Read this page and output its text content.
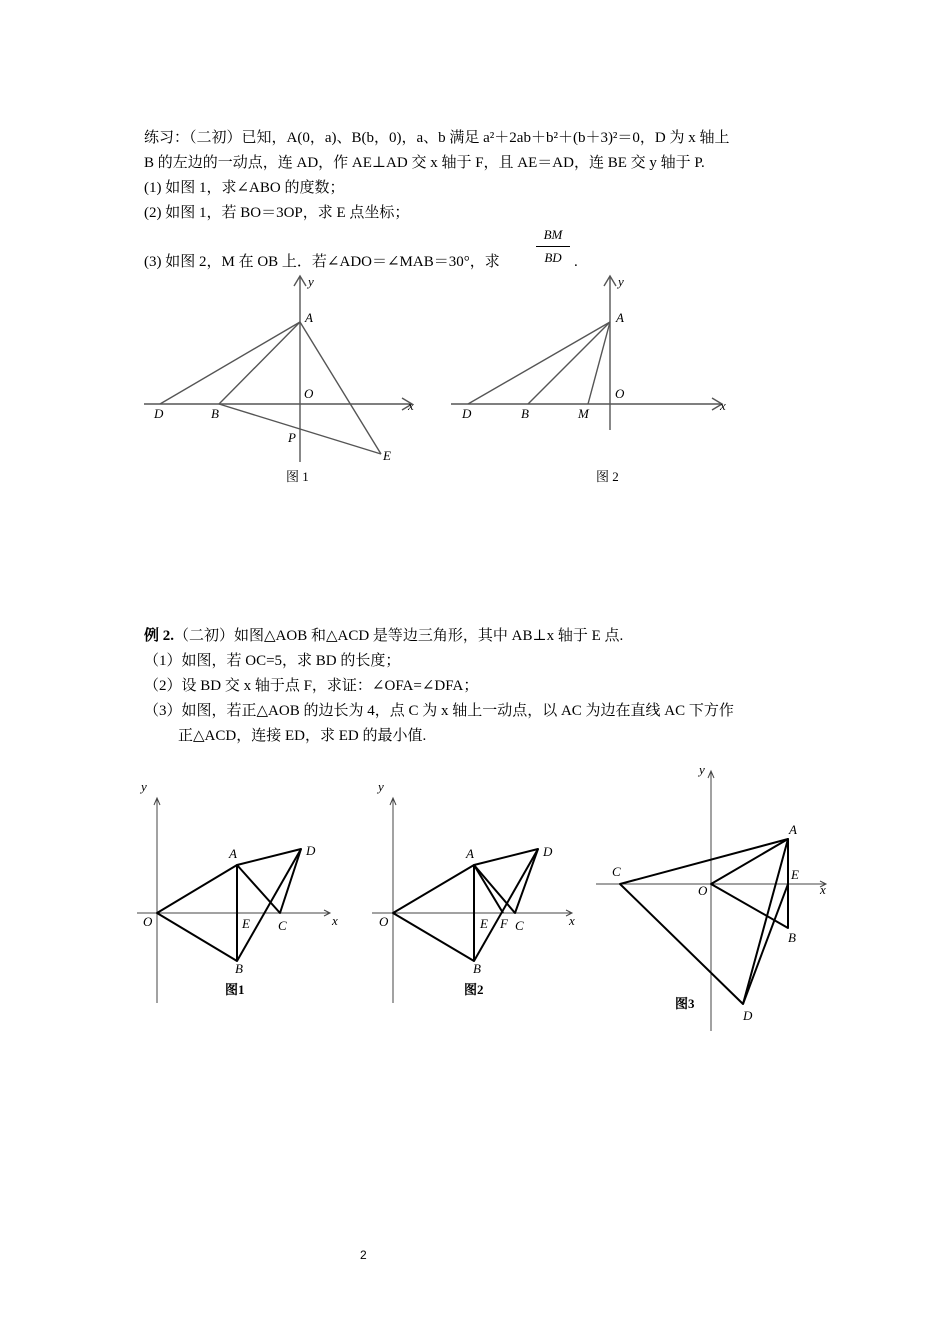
练习：（二初）已知，A(0，a)、B(b，0)，a、b 满足 a²＋2ab＋b²＋(b＋3)²＝0，D 为 x 轴上
B 的左边的一动点，连 AD，作 AE⊥AD 交 x 轴于 F，且 AE＝AD，连 BE 交 y 轴于 P.
(1) 如图 1，求∠ABO 的度数；
(2) 如图 1，若 BO＝3OP，求 E 点坐标；
(3) 如图 2，M 在 OB 上．若∠ADO＝∠MAB＝30°，求
BM
BD .
y
A
O
D	B
x
P
E
图 1
y
A
O
D	B	M
x
图 2
例 2.（二初）如图△AOB 和△ACD 是等边三角形，其中 AB⊥x 轴于 E 点.
（1）如图，若 OC=5，求 BD 的长度；
（2）设 BD 交 x 轴于点 F，求证：∠OFA=∠DFA；
（3）如图，若正△AOB 的边长为 4，点 C 为 x 轴上一动点，以 AC 为边在直线 AC 下方作
正△ACD，连接 ED，求 ED 的最小值.
y
A	D
O	E C	x
B
图1
y
A	D
O	E F C	x
B
图2
y
A
C
O
E
x
B
D
图3
2
